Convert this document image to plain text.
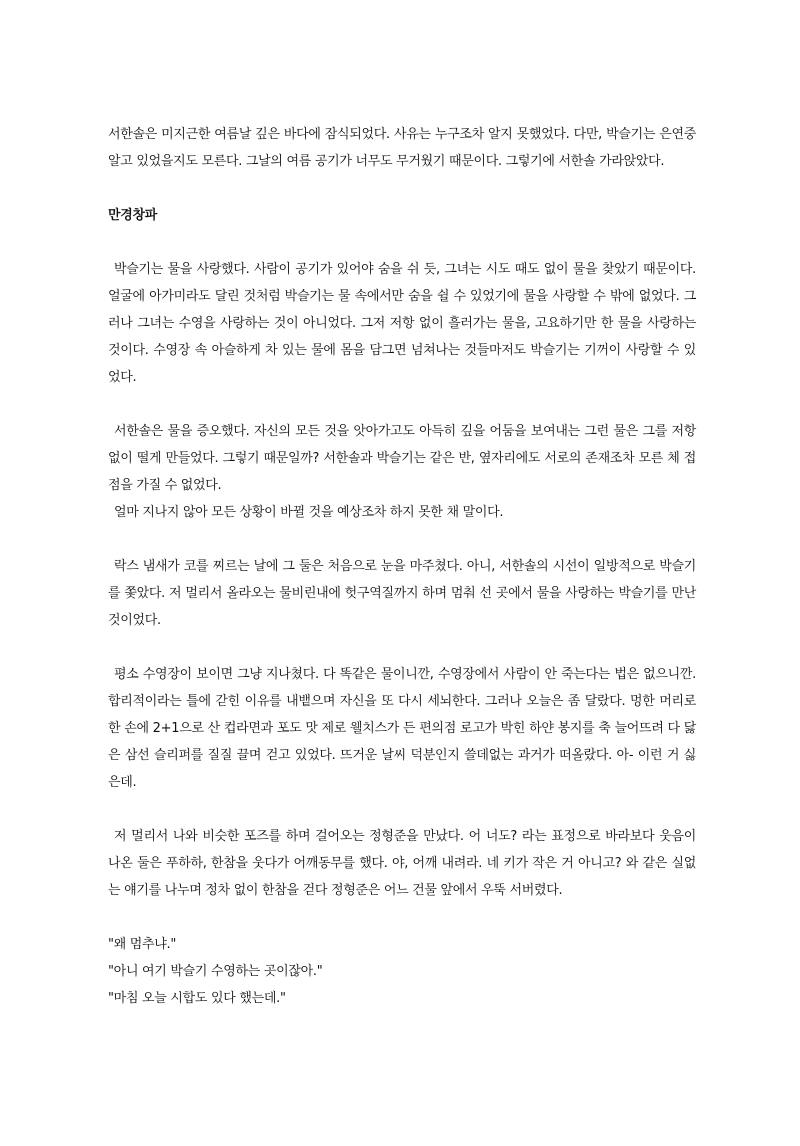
서한솔은 미지근한 여름날 깊은 바다에 잠식되었다. 사유는 누구조차 알지 못했었다. 다만, 박슬기는 은연중 알고 있었을지도 모른다. 그날의 여름 공기가 너무도 무거웠기 때문이다. 그렇기에 서한솔 가라앉았다.

만경창파

박슬기는 물을 사랑했다. 사람이 공기가 있어야 숨을 쉬 듯, 그녀는 시도 때도 없이 물을 찾았기 때문이다. 얼굴에 아가미라도 달린 것처럼 박슬기는 물 속에서만 숨을 쉴 수 있었기에 물을 사랑할 수 밖에 없었다. 그러나 그녀는 수영을 사랑하는 것이 아니었다. 그저 저항 없이 흘러가는 물을, 고요하기만 한 물을 사랑하는 것이다. 수영장 속 아슬하게 차 있는 물에 몸을 담그면 넘쳐나는 것들마저도 박슬기는 기꺼이 사랑할 수 있었다.

서한솔은 물을 증오했다. 자신의 모든 것을 앗아가고도 아득히 깊을 어둠을 보여내는 그런 물은 그를 저항 없이 떨게 만들었다. 그렇기 때문일까? 서한솔과 박슬기는 같은 반, 옆자리에도 서로의 존재조차 모른 체 접점을 가질 수 없었다.

얼마 지나지 않아 모든 상황이 바뀔 것을 예상조차 하지 못한 채 말이다.

락스 냄새가 코를 찌르는 날에 그 둘은 처음으로 눈을 마주쳤다. 아니, 서한솔의 시선이 일방적으로 박슬기를 쫓았다. 저 멀리서 올라오는 물비린내에 헛구역질까지 하며 멈춰 선 곳에서 물을 사랑하는 박슬기를 만난 것이었다.

평소 수영장이 보이면 그냥 지나쳤다. 다 똑같은 물이니깐, 수영장에서 사람이 안 죽는다는 법은 없으니깐. 합리적이라는 틀에 갇힌 이유를 내뱉으며 자신을 또 다시 세뇌한다. 그러나 오늘은 좀 달랐다. 멍한 머리로 한 손에 2+1으로 산 컵라면과 포도 맛 제로 웰치스가 든 편의점 로고가 박힌 하얀 봉지를 축 늘어뜨려 다 닳은 삼선 슬리퍼를 질질 끌며 걷고 있었다. 뜨거운 날씨 덕분인지 쓸데없는 과거가 떠올랐다. 아- 이런 거 싫은데.

저 멀리서 나와 비슷한 포즈를 하며 걸어오는 정형준을 만났다. 어 너도? 라는 표정으로 바라보다 웃음이 나온 둘은 푸하하, 한참을 웃다가 어깨동무를 했다. 야, 어깨 내려라. 네 키가 작은 거 아니고? 와 같은 실없는 얘기를 나누며 정차 없이 한참을 걷다 정형준은 어느 건물 앞에서 우뚝 서버렸다.

"왜 멈추냐."

"아니 여기 박슬기 수영하는 곳이잖아."

"마침 오늘 시합도 있다 했는데."
